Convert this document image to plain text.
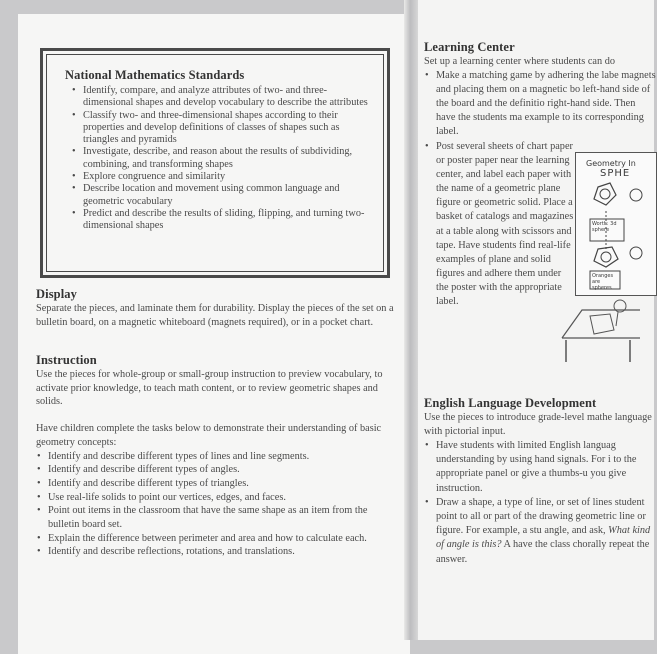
National Mathematics Standards
• Identify, compare, and analyze attributes of two- and three-dimensional shapes and develop vocabulary to describe the attributes
• Classify two- and three-dimensional shapes according to their properties and develop definitions of classes of shapes such as triangles and pyramids
• Investigate, describe, and reason about the results of subdividing, combining, and transforming shapes
• Explore congruence and similarity
• Describe location and movement using common language and geometric vocabulary
• Predict and describe the results of sliding, flipping, and turning two-dimensional shapes
Display

Separate the pieces, and laminate them for durability. Display the pieces of the set on a bulletin board, on a magnetic whiteboard (magnets required), or in a pocket chart.

Instruction

Use the pieces for whole-group or small-group instruction to preview vocabulary, to activate prior knowledge, to teach math content, or to review geometric shapes and solids.

Have children complete the tasks below to demonstrate their understanding of basic geometry concepts:

• Identify and describe different types of lines and line segments.
• Identify and describe different types of angles.
• Identify and describe different types of triangles.
• Use real-life solids to point our vertices, edges, and faces.
• Point out items in the classroom that have the same shape as an item from the bulletin board set.
• Explain the difference between perimeter and area and how to calculate each.
• Identify and describe reflections, rotations, and translations.
Learning Center

Set up a learning center where students can do

• Make a matching game by adhering the labe magnets and placing them on a magnetic bo left-hand side of the board and the definitio right-hand side. Then have the students ma example to its corresponding label.
• Post several sheets of chart paper or poster paper near the learning center, and label each paper with the name of a geometric plane figure or geometric solid. Place a basket of catalogs and magazines at a table along with scissors and tape. Have students find real-life examples of plane and solid figures and adhere them under the poster with the appropriate label.
Geometry In
SPHE
Worth: 3d sphere
Oranges are spheres
English Language Development

Use the pieces to introduce grade-level mathe language with pictorial input.

• Have students with limited English languag understanding by using hand signals. For i to the appropriate panel or give a thumbs-u you give instruction.
• Draw a shape, a type of line, or set of lines student point to all or part of the drawing geometric line or figure. For example, a stu angle, and ask, What kind of angle is this? A have the class chorally repeat the answer.
